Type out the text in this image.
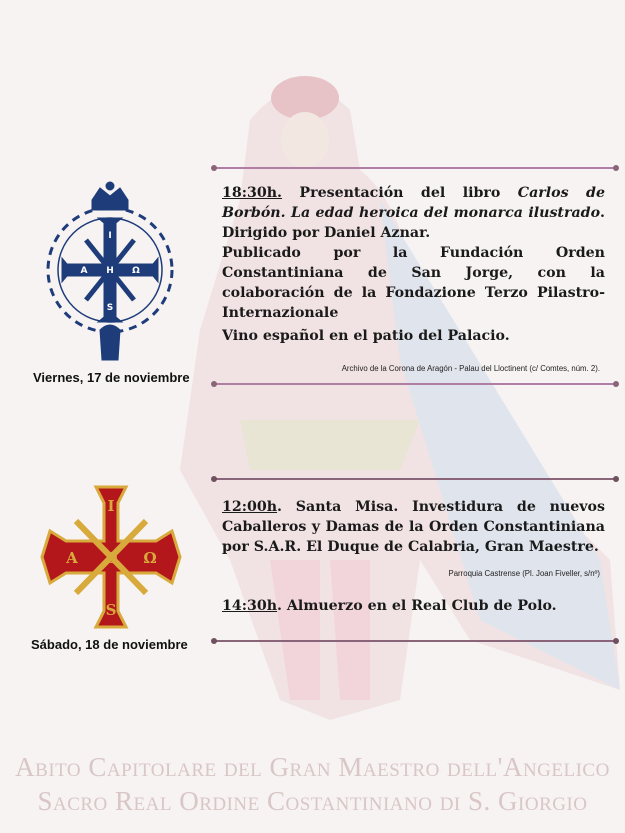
Abito Capitolare del Gran Maestro dell'Angelico
Sacro Real Ordine Costantiniano di S. Giorgio
I
H
S
A	Ω
Viernes, 17 de noviembre
18:30h. Presentación del libro Carlos de Borbón. La edad heroica del monarca ilustrado. Dirigido por Daniel Aznar.
Publicado por la Fundación Orden Constantiniana de San Jorge, con la colaboración de la Fondazione Terzo Pilastro-Internazionale
Vino español en el patio del Palacio.
Archivo de la Corona de Aragón - Palau del Lloctinent (c/ Comtes, núm. 2).
I
D
S
A	Ω
Sábado, 18 de noviembre
12:00h. Santa Misa. Investidura de nuevos Caballeros y Damas de la Orden Constantiniana por S.A.R. El Duque de Calabria, Gran Maestre.
Parroquia Castrense (Pl. Joan Fiveller, s/nº)
14:30h. Almuerzo en el Real Club de Polo.
